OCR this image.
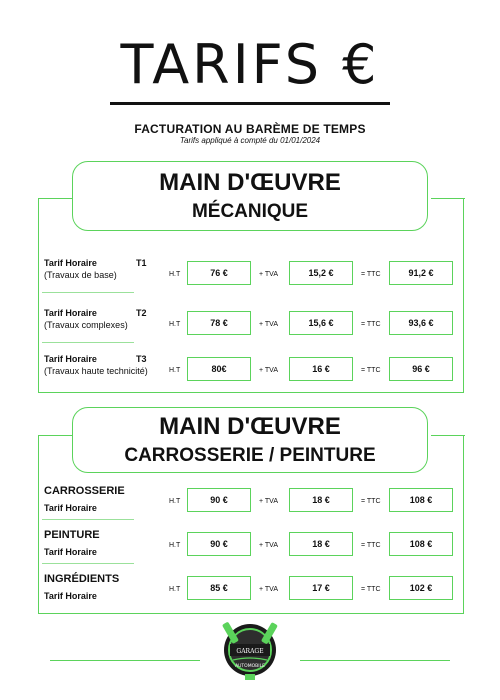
TARIFS €
FACTURATION AU BARÈME DE TEMPS
Tarifs appliqué à compté du 01/01/2024
Tarif Horaire	T1
(Travaux de base)	H.T	76 €	+ TVA	15,2 €	= TTC	91,2 €
Tarif Horaire	T2
(Travaux complexes)	H.T	78 €	+ TVA	15,6 €	= TTC	93,6 €
Tarif Horaire	T3
(Travaux haute technicité)	H.T	80€	+ TVA	16 €	= TTC	96 €
MAIN D'ŒUVRE
MÉCANIQUE
CARROSSERIE
Tarif Horaire
H.T	90 €	+ TVA	18 €	= TTC	108 €
PEINTURE
Tarif Horaire
H.T	90 €	+ TVA	18 €	= TTC	108 €
INGRÉDIENTS
Tarif Horaire
H.T	85 €	+ TVA	17 €	= TTC	102 €
MAIN D'ŒUVRE
CARROSSERIE / PEINTURE
GARAGE
AUTOMOBILE
